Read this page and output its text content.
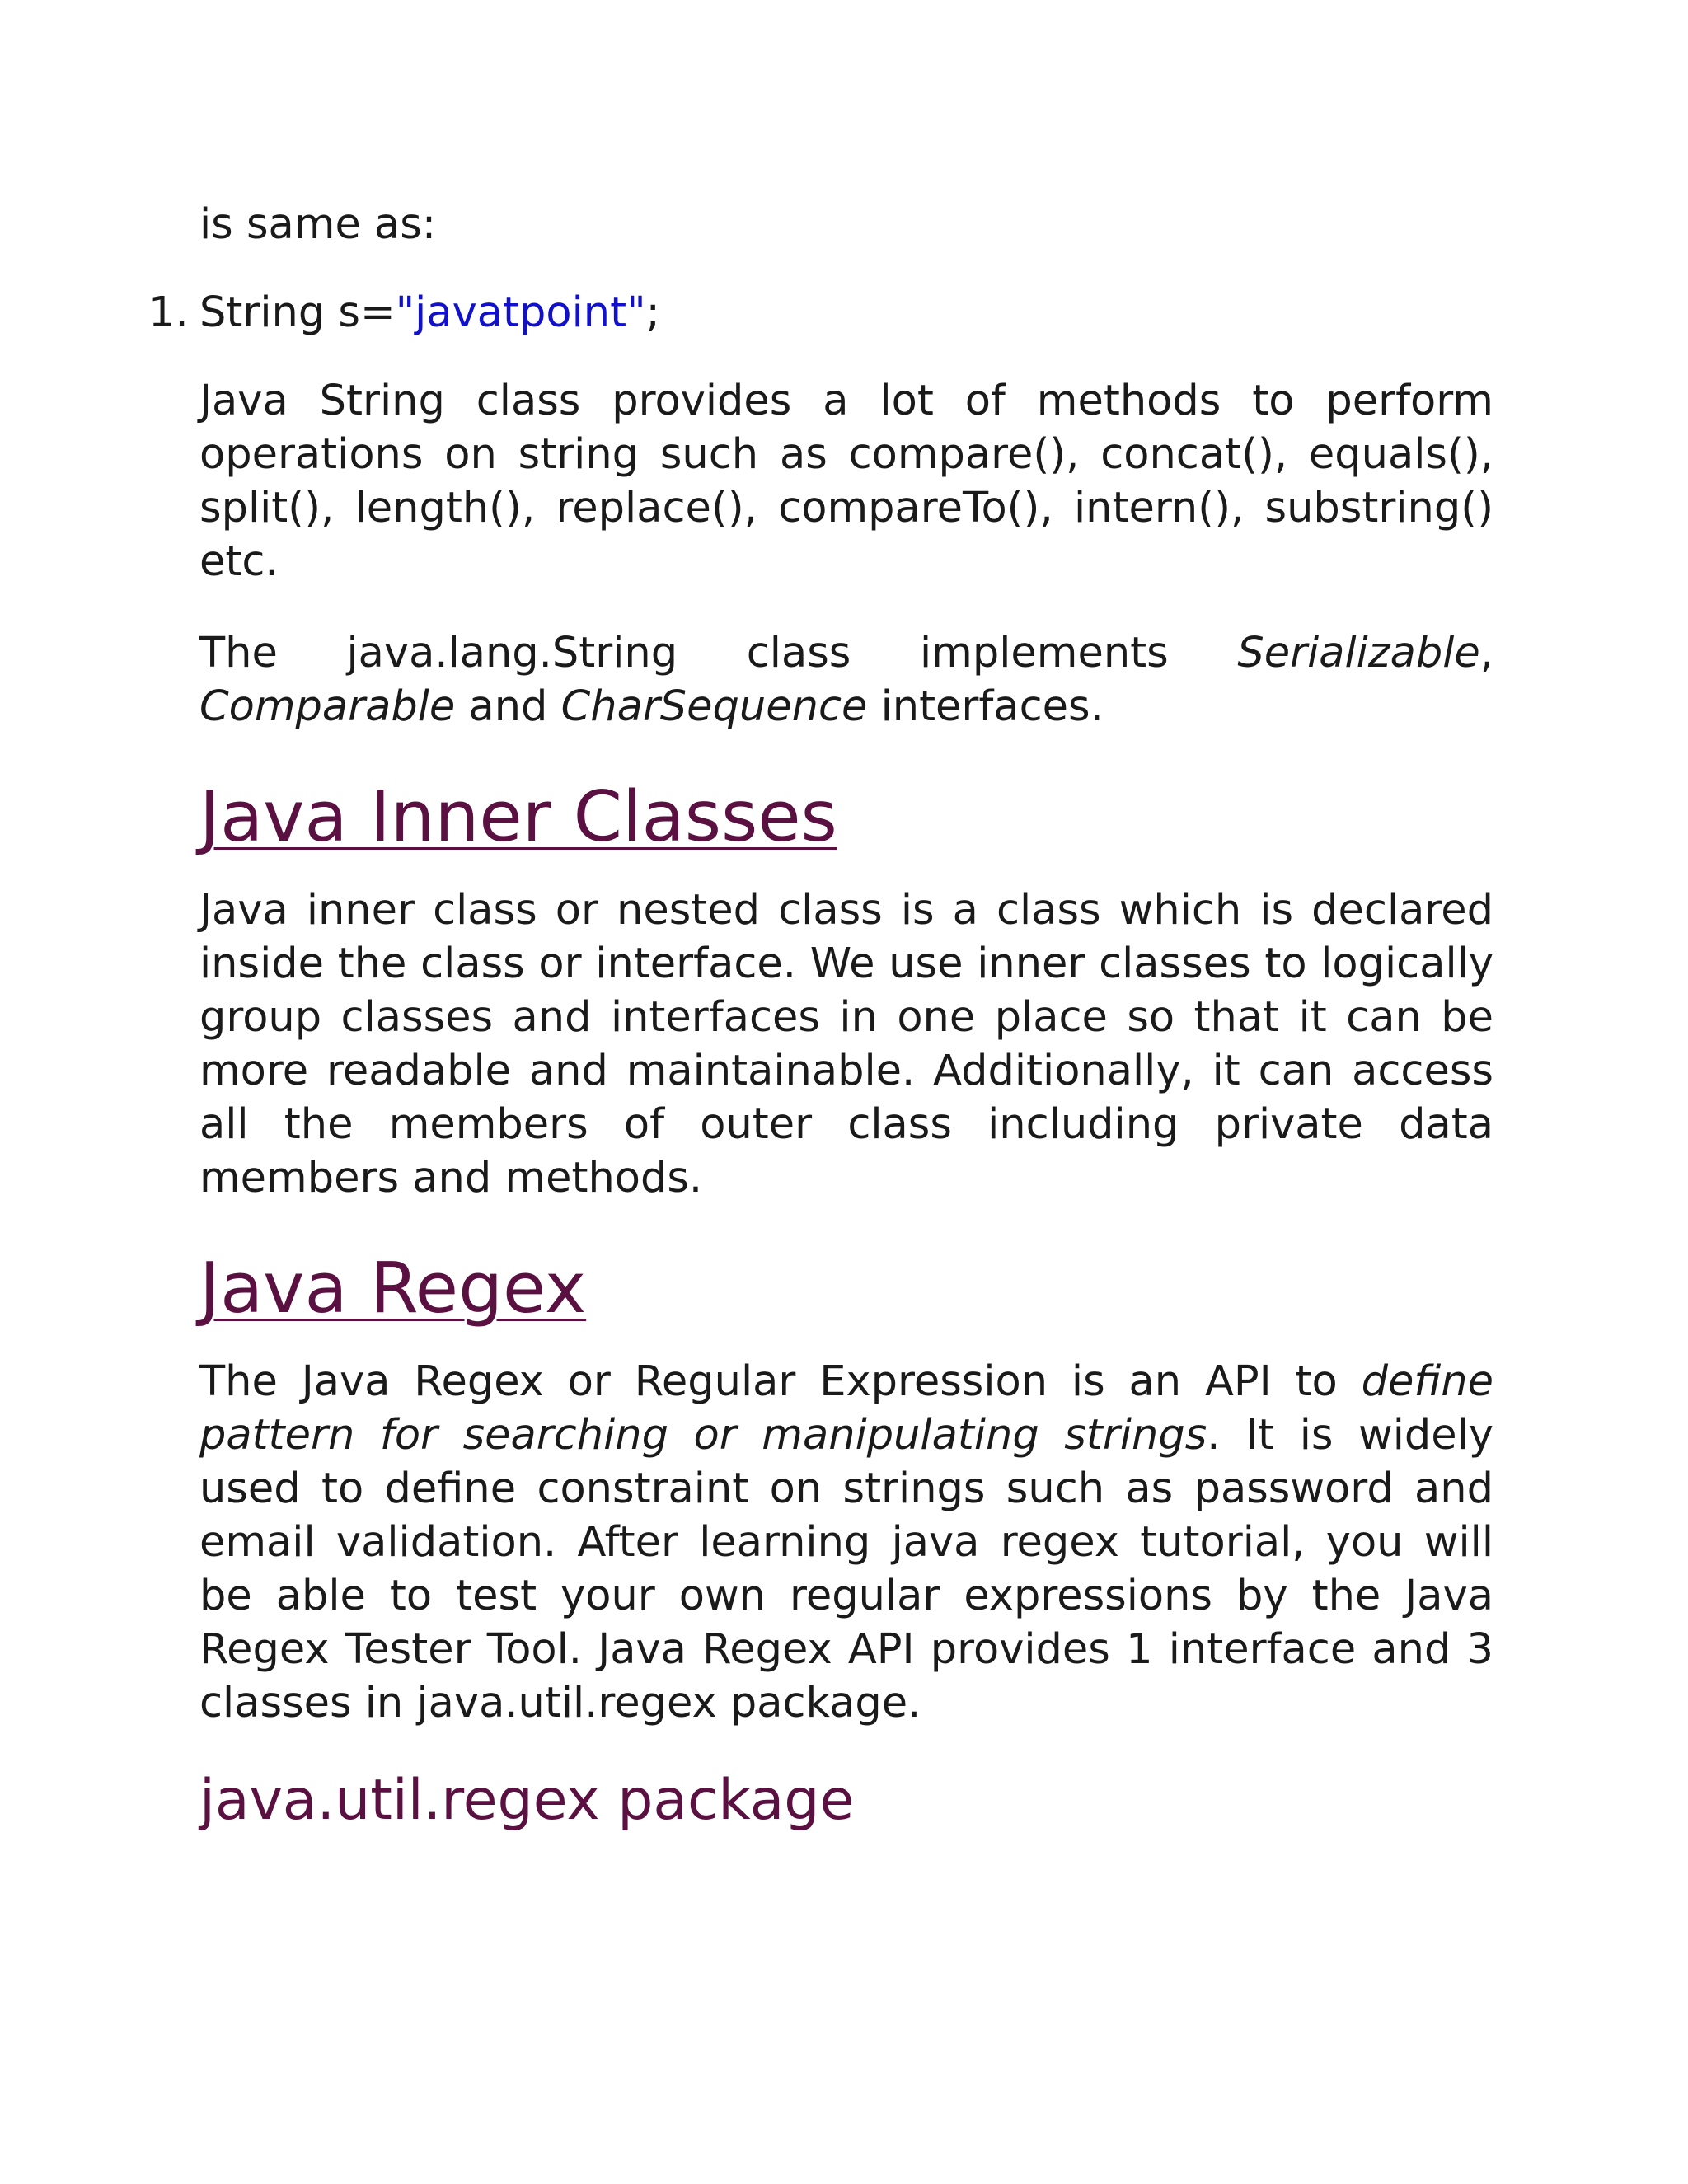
is same as:

1. String s="javatpoint";

Java String class provides a lot of methods to perform operations on string such as compare(), concat(), equals(), split(), length(), replace(), compareTo(), intern(), substring() etc.

The java.lang.String class implements Serializable, Comparable and CharSequence interfaces.

Java Inner Classes

Java inner class or nested class is a class which is declared inside the class or interface. We use inner classes to logically group classes and interfaces in one place so that it can be more readable and maintainable. Additionally, it can access all the members of outer class including private data members and methods.

Java Regex

The Java Regex or Regular Expression is an API to define pattern for searching or manipulating strings. It is widely used to define constraint on strings such as password and email validation. After learning java regex tutorial, you will be able to test your own regular expressions by the Java Regex Tester Tool. Java Regex API provides 1 interface and 3 classes in java.util.regex package.

java.util.regex package
